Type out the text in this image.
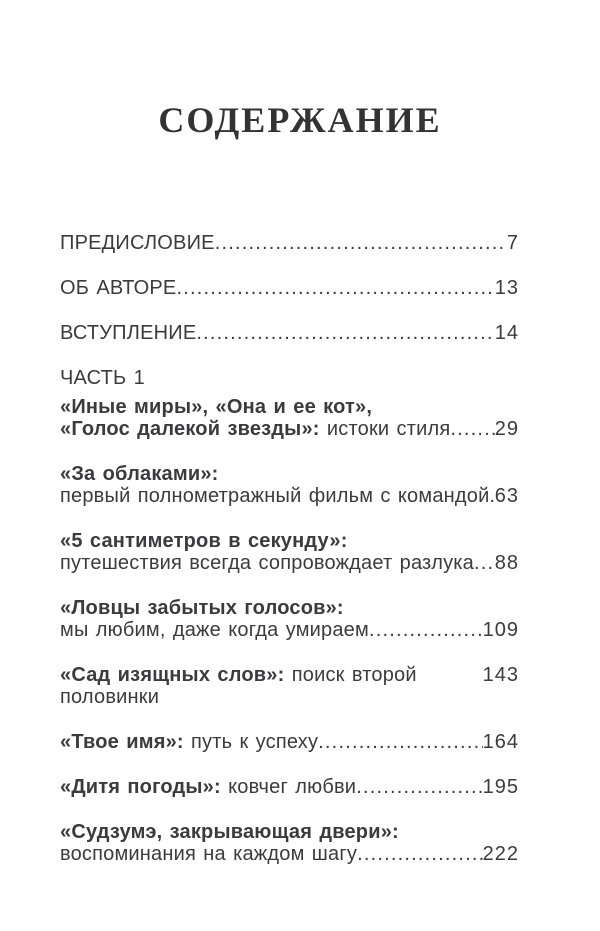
СОДЕРЖАНИЕ
ПРЕДИСЛОВИЕ .....	7
ОБ АВТОРЕ .....	13
ВСТУПЛЕНИЕ .....	14
ЧАСТЬ 1
«Иные миры», «Она и ее кот»,
«Голос далекой звезды»: истоки стиля ..... 29
«За облаками»:
первый полнометражный фильм с командой ..... 63
«5 сантиметров в секунду»:
путешествия всегда сопровождает разлука ..... 88
«Ловцы забытых голосов»:
мы любим, даже когда умираем .....	109
«Сад изящных слов»: поиск второй половинки
143
«Твое имя»: путь к успеху .....	164
«Дитя погоды»: ковчег любви .....	195
«Судзумэ, закрывающая двери»:
воспоминания на каждом шагу .....	222
